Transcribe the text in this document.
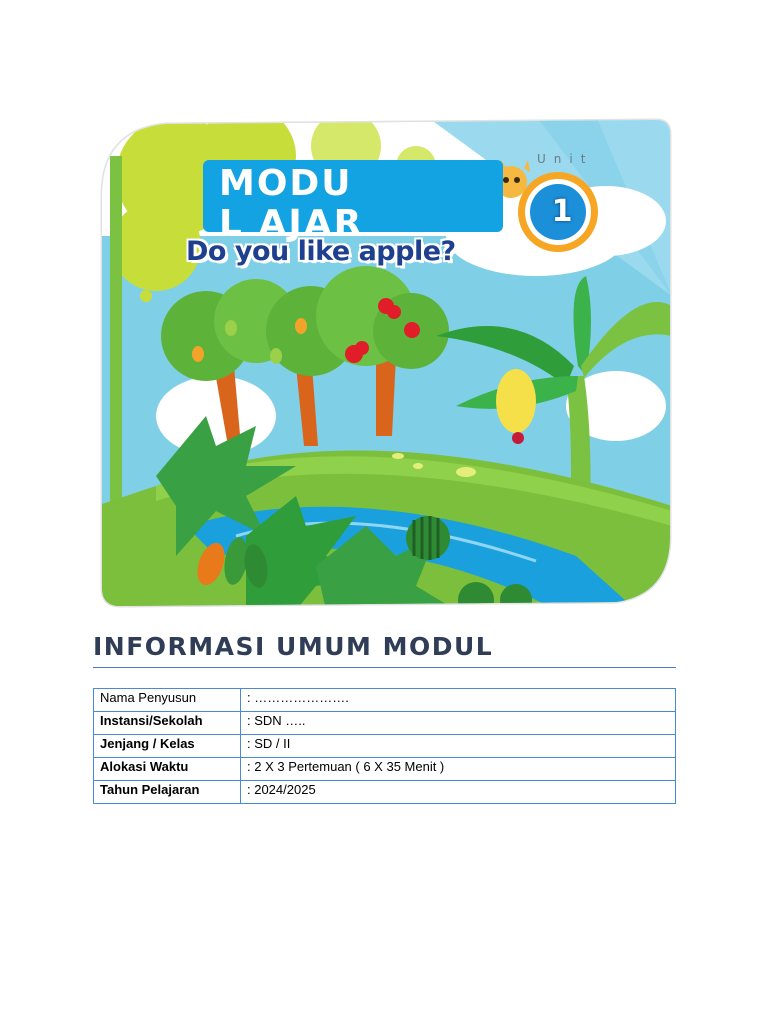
MODUL AJAR
Do you like apple?
Unit
1
INFORMASI UMUM MODUL
Nama Penyusun	: ………………….
Instansi/Sekolah	: SDN …..
Jenjang / Kelas	: SD / II
Alokasi Waktu	: 2 X 3 Pertemuan ( 6 X 35 Menit )
Tahun Pelajaran	: 2024/2025
